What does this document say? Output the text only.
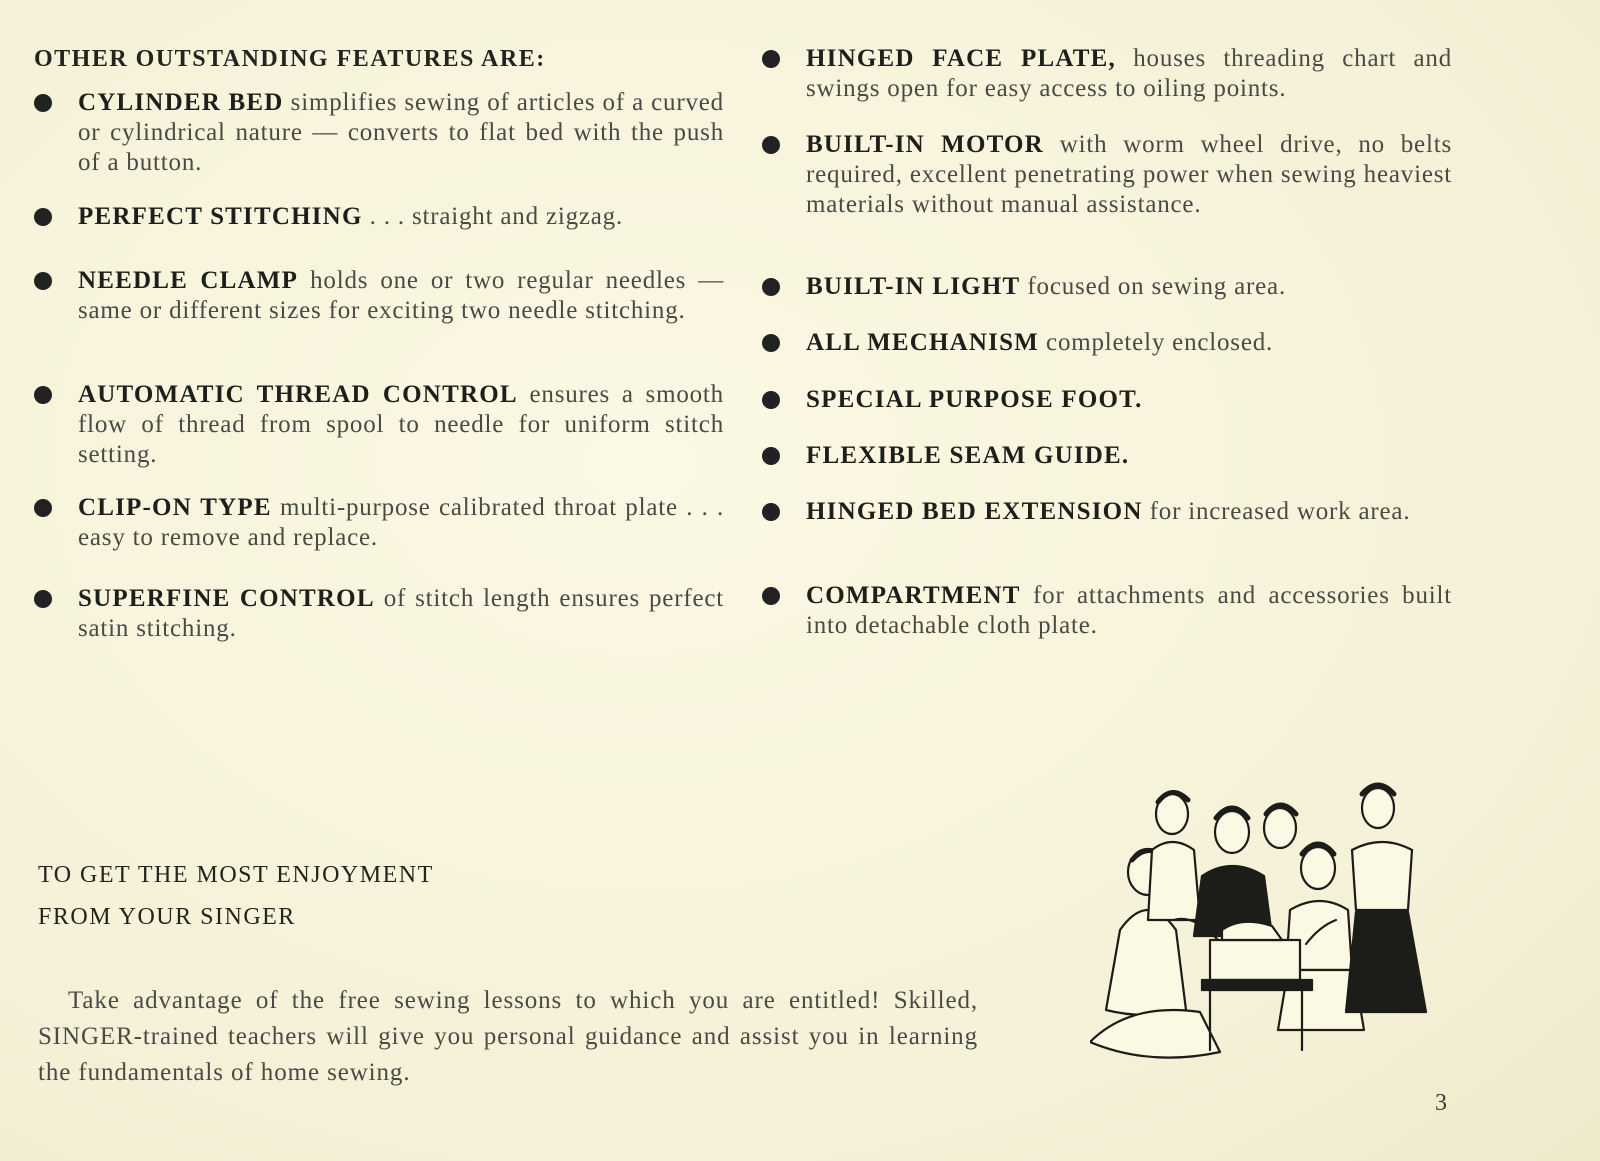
OTHER OUTSTANDING FEATURES ARE:
CYLINDER BED simplifies sewing of articles of a curved or cylindrical nature — converts to flat bed with the push of a button.
PERFECT STITCHING . . . straight and zigzag.
NEEDLE CLAMP holds one or two regular needles — same or different sizes for exciting two needle stitching.
AUTOMATIC THREAD CONTROL ensures a smooth flow of thread from spool to needle for uniform stitch setting.
CLIP-ON TYPE multi-purpose calibrated throat plate . . . easy to remove and replace.
SUPERFINE CONTROL of stitch length ensures perfect satin stitching.
HINGED FACE PLATE, houses threading chart and swings open for easy access to oiling points.
BUILT-IN MOTOR with worm wheel drive, no belts required, excellent penetrating power when sewing heaviest materials without manual assistance.
BUILT-IN LIGHT focused on sewing area.
ALL MECHANISM completely enclosed.
SPECIAL PURPOSE FOOT.
FLEXIBLE SEAM GUIDE.
HINGED BED EXTENSION for increased work area.
COMPARTMENT for attachments and accessories built into detachable cloth plate.
TO GET THE MOST ENJOYMENT
FROM YOUR SINGER

Take advantage of the free sewing lessons to which you are entitled! Skilled, SINGER-trained teachers will give you personal guidance and assist you in learning the fundamentals of home sewing.

3
